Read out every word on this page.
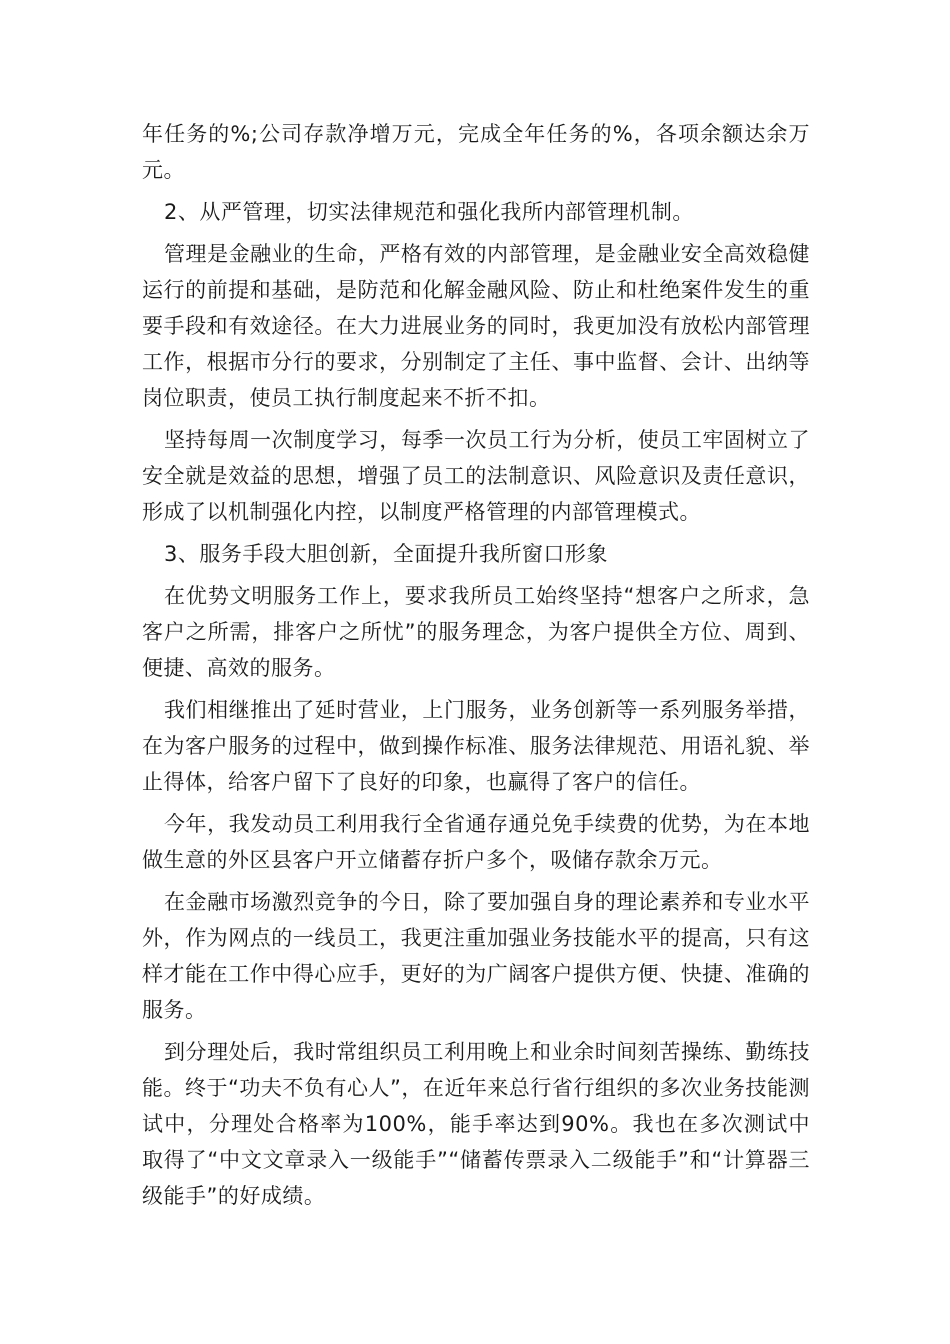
年任务的%;公司存款净增万元，完成全年任务的%，各项余额达余万元。

2、从严管理，切实法律规范和强化我所内部管理机制。

管理是金融业的生命，严格有效的内部管理，是金融业安全高效稳健运行的前提和基础，是防范和化解金融风险、防止和杜绝案件发生的重要手段和有效途径。在大力进展业务的同时，我更加没有放松内部管理工作，根据市分行的要求，分别制定了主任、事中监督、会计、出纳等岗位职责，使员工执行制度起来不折不扣。

坚持每周一次制度学习，每季一次员工行为分析，使员工牢固树立了安全就是效益的思想，增强了员工的法制意识、风险意识及责任意识，形成了以机制强化内控，以制度严格管理的内部管理模式。

3、服务手段大胆创新，全面提升我所窗口形象

在优势文明服务工作上，要求我所员工始终坚持“想客户之所求，急客户之所需，排客户之所忧”的服务理念，为客户提供全方位、周到、便捷、高效的服务。

我们相继推出了延时营业，上门服务，业务创新等一系列服务举措，在为客户服务的过程中，做到操作标准、服务法律规范、用语礼貌、举止得体，给客户留下了良好的印象，也赢得了客户的信任。

今年，我发动员工利用我行全省通存通兑免手续费的优势，为在本地做生意的外区县客户开立储蓄存折户多个，吸储存款余万元。

在金融市场激烈竞争的今日，除了要加强自身的理论素养和专业水平外，作为网点的一线员工，我更注重加强业务技能水平的提高，只有这样才能在工作中得心应手，更好的为广阔客户提供方便、快捷、准确的服务。

到分理处后，我时常组织员工利用晚上和业余时间刻苦操练、勤练技能。终于“功夫不负有心人”，在近年来总行省行组织的多次业务技能测试中，分理处合格率为100%，能手率达到90%。我也在多次测试中取得了“中文文章录入一级能手”“储蓄传票录入二级能手”和“计算器三级能手”的好成绩。
